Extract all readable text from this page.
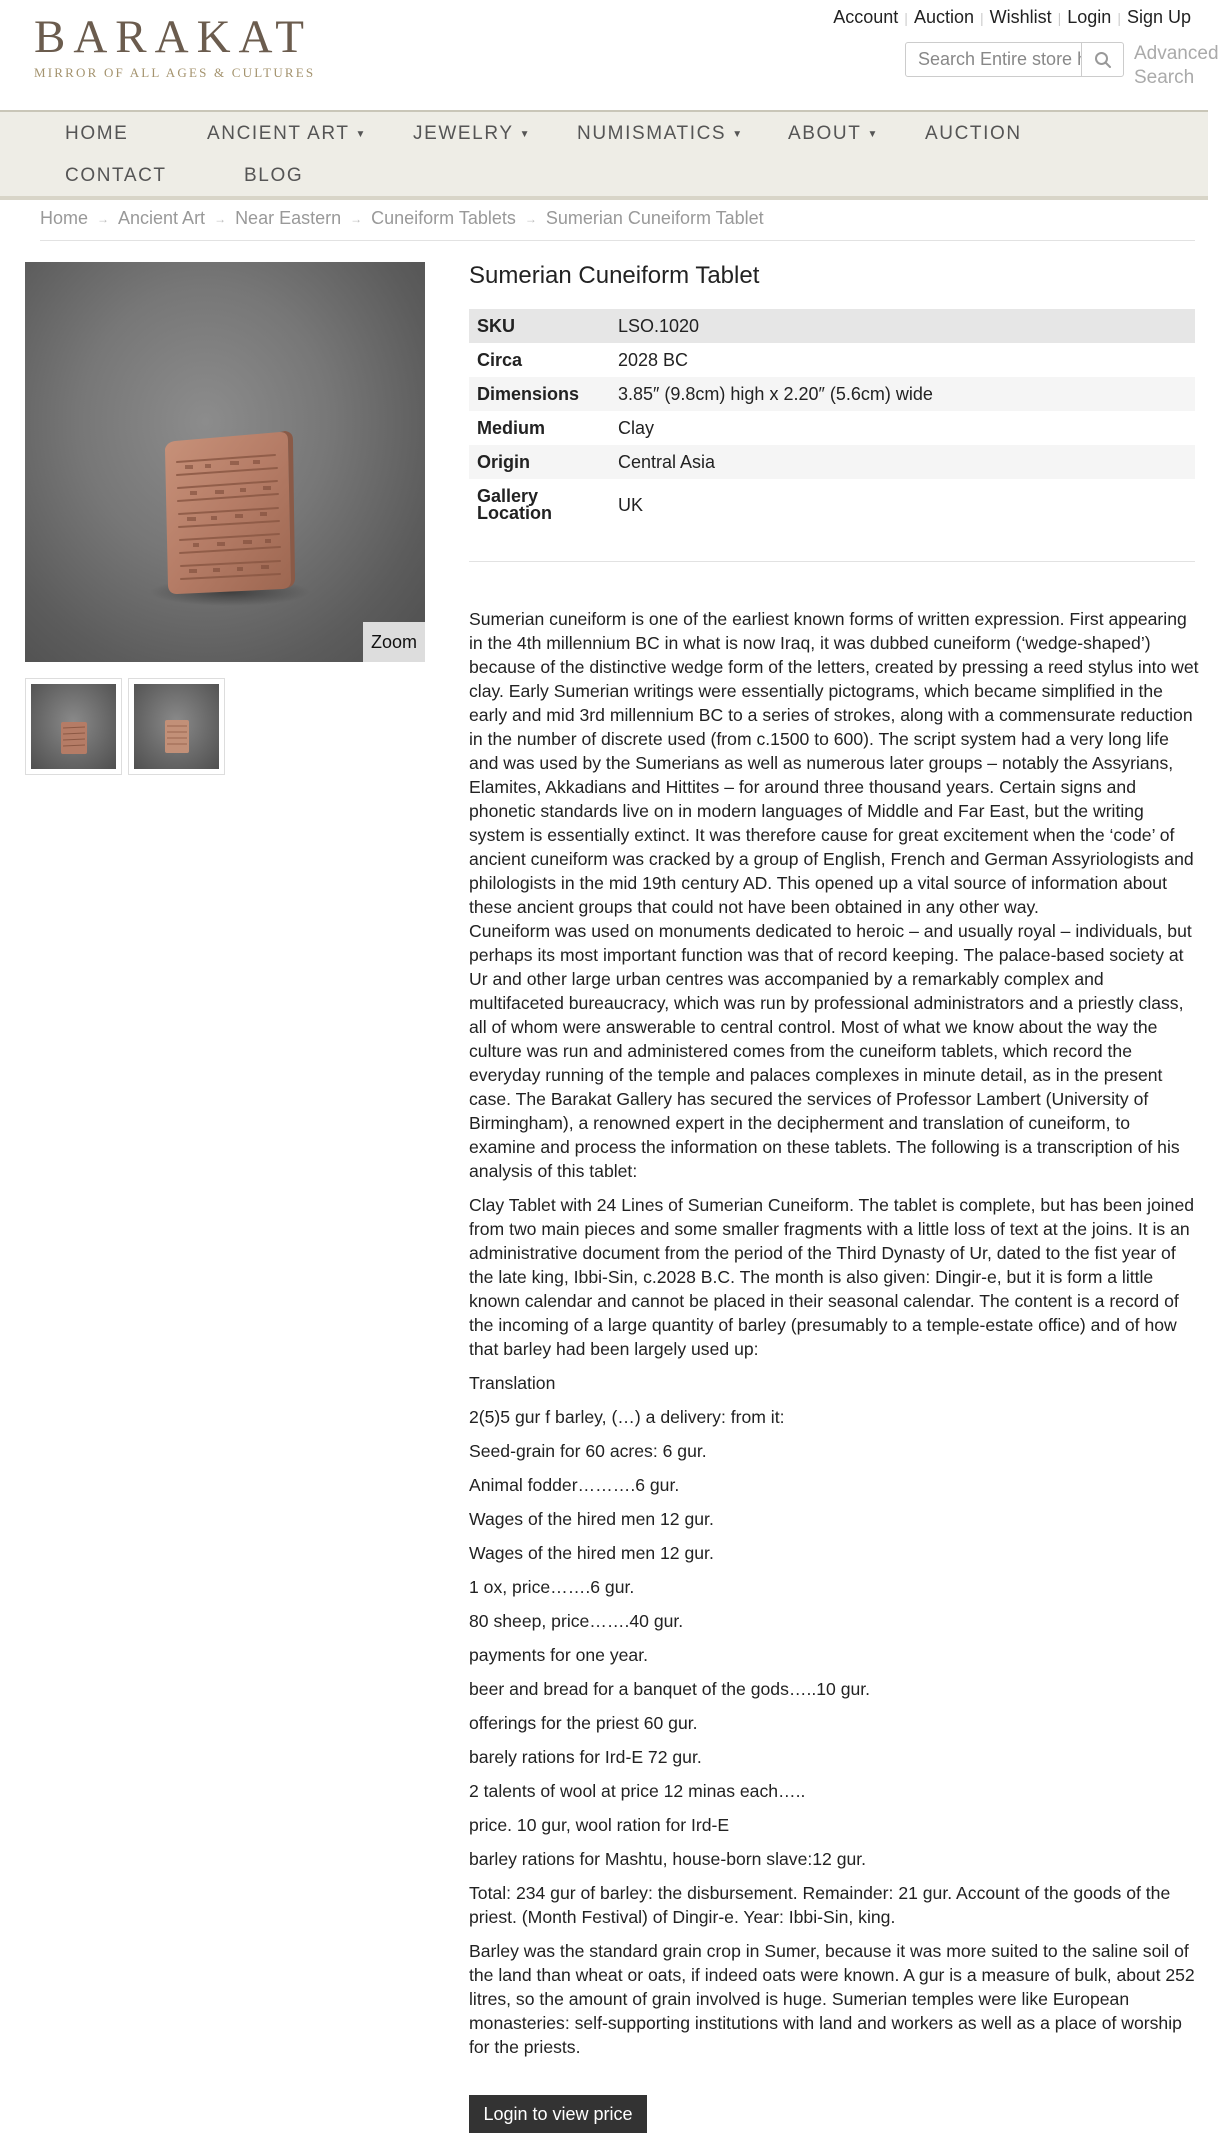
BARAKAT
MIRROR OF ALL AGES & CULTURES
Account | Auction | Wishlist | Login | Sign Up
Search Entire store here...
Advanced Search
HOME	ANCIENT ART ▼ JEWELRY ▼ NUMISMATICS ▼ ABOUT ▼ AUCTION
CONTACT	BLOG
Home → Ancient Art → Near Eastern → Cuneiform Tablets → Sumerian Cuneiform Tablet
Zoom
Sumerian Cuneiform Tablet
SKU	LSO.1020
Circa	2028 BC
Dimensions	3.85″ (9.8cm) high x 2.20″ (5.6cm) wide
Medium	Clay
Origin	Central Asia
Gallery Location	UK

Sumerian cuneiform is one of the earliest known forms of written expression. First appearing in the 4th millennium BC in what is now Iraq, it was dubbed cuneiform (‘wedge-shaped’) because of the distinctive wedge form of the letters, created by pressing a reed stylus into wet clay. Early Sumerian writings were essentially pictograms, which became simplified in the early and mid 3rd millennium BC to a series of strokes, along with a commensurate reduction in the number of discrete used (from c.1500 to 600). The script system had a very long life and was used by the Sumerians as well as numerous later groups – notably the Assyrians, Elamites, Akkadians and Hittites – for around three thousand years. Certain signs and phonetic standards live on in modern languages of Middle and Far East, but the writing system is essentially extinct. It was therefore cause for great excitement when the ‘code’ of ancient cuneiform was cracked by a group of English, French and German Assyriologists and philologists in the mid 19th century AD. This opened up a vital source of information about these ancient groups that could not have been obtained in any other way.

Cuneiform was used on monuments dedicated to heroic – and usually royal – individuals, but perhaps its most important function was that of record keeping. The palace-based society at Ur and other large urban centres was accompanied by a remarkably complex and multifaceted bureaucracy, which was run by professional administrators and a priestly class, all of whom were answerable to central control. Most of what we know about the way the culture was run and administered comes from the cuneiform tablets, which record the everyday running of the temple and palaces complexes in minute detail, as in the present case. The Barakat Gallery has secured the services of Professor Lambert (University of Birmingham), a renowned expert in the decipherment and translation of cuneiform, to examine and process the information on these tablets. The following is a transcription of his analysis of this tablet:

Clay Tablet with 24 Lines of Sumerian Cuneiform. The tablet is complete, but has been joined from two main pieces and some smaller fragments with a little loss of text at the joins. It is an administrative document from the period of the Third Dynasty of Ur, dated to the fist year of the late king, Ibbi-Sin, c.2028 B.C. The month is also given: Dingir-e, but it is form a little known calendar and cannot be placed in their seasonal calendar. The content is a record of the incoming of a large quantity of barley (presumably to a temple-estate office) and of how that barley had been largely used up:

Translation

2(5)5 gur f barley, (…) a delivery: from it:

Seed-grain for 60 acres: 6 gur.

Animal fodder……….6 gur.

Wages of the hired men 12 gur.

Wages of the hired men 12 gur.

1 ox, price…….6 gur.

80 sheep, price…….40 gur.

payments for one year.

beer and bread for a banquet of the gods…..10 gur.

offerings for the priest 60 gur.

barely rations for Ird-E 72 gur.

2 talents of wool at price 12 minas each…..

price. 10 gur, wool ration for Ird-E

barley rations for Mashtu, house-born slave:12 gur.

Total: 234 gur of barley: the disbursement. Remainder: 21 gur. Account of the goods of the priest. (Month Festival) of Dingir-e. Year: Ibbi-Sin, king.

Barley was the standard grain crop in Sumer, because it was more suited to the saline soil of the land than wheat or oats, if indeed oats were known. A gur is a measure of bulk, about 252 litres, so the amount of grain involved is huge. Sumerian temples were like European monasteries: self-supporting institutions with land and workers as well as a place of worship for the priests.

Login to view price
